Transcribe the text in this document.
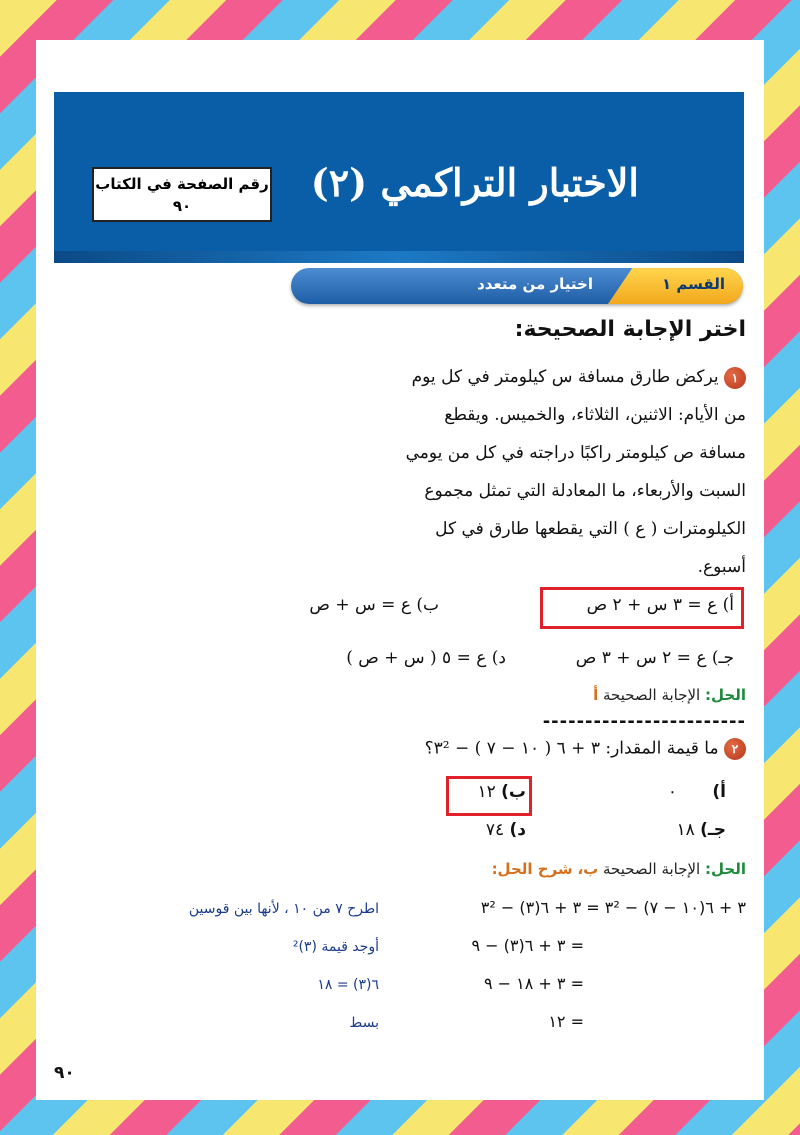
رقم الصفحة في الكتاب
٩٠
الاختبار التراكمي (٢)
القسم ١
اختيار من متعدد
اختر الإجابة الصحيحة:
١ يركض طارق مسافة س كيلومتر في كل يوم
من الأيام: الاثنين، الثلاثاء، والخميس. ويقطع
مسافة ص كيلومتر راكبًا دراجته في كل من يومي
السبت والأربعاء، ما المعادلة التي تمثل مجموع
الكيلومترات ( ع ) التي يقطعها طارق في كل
أسبوع.
أ) ع = ٣ س + ٢ ص
ب) ع = س + ص
جـ) ع = ٢ س + ٣ ص
د) ع = ٥ ( س + ص )
الحل: الإجابة الصحيحة أ
------------------------
٢ ما قيمة المقدار: ٣ + ٦ ( ١٠ − ٧ ) − ٣²؟
ب) ١٢	أ) ٠
د) ٧٤	جـ) ١٨
الحل: الإجابة الصحيحة ب، شرح الحل:
٣ + ٦(١٠ − ٧) − ٣² = ٣ + ٦(٣) − ٣²
= ٣ + ٦(٣) − ٩
= ٣ + ١٨ − ٩
= ١٢
اطرح ٧ من ١٠ ، لأنها بين قوسين
أوجد قيمة (٣)²
٦(٣) = ١٨
بسط
٩٠
